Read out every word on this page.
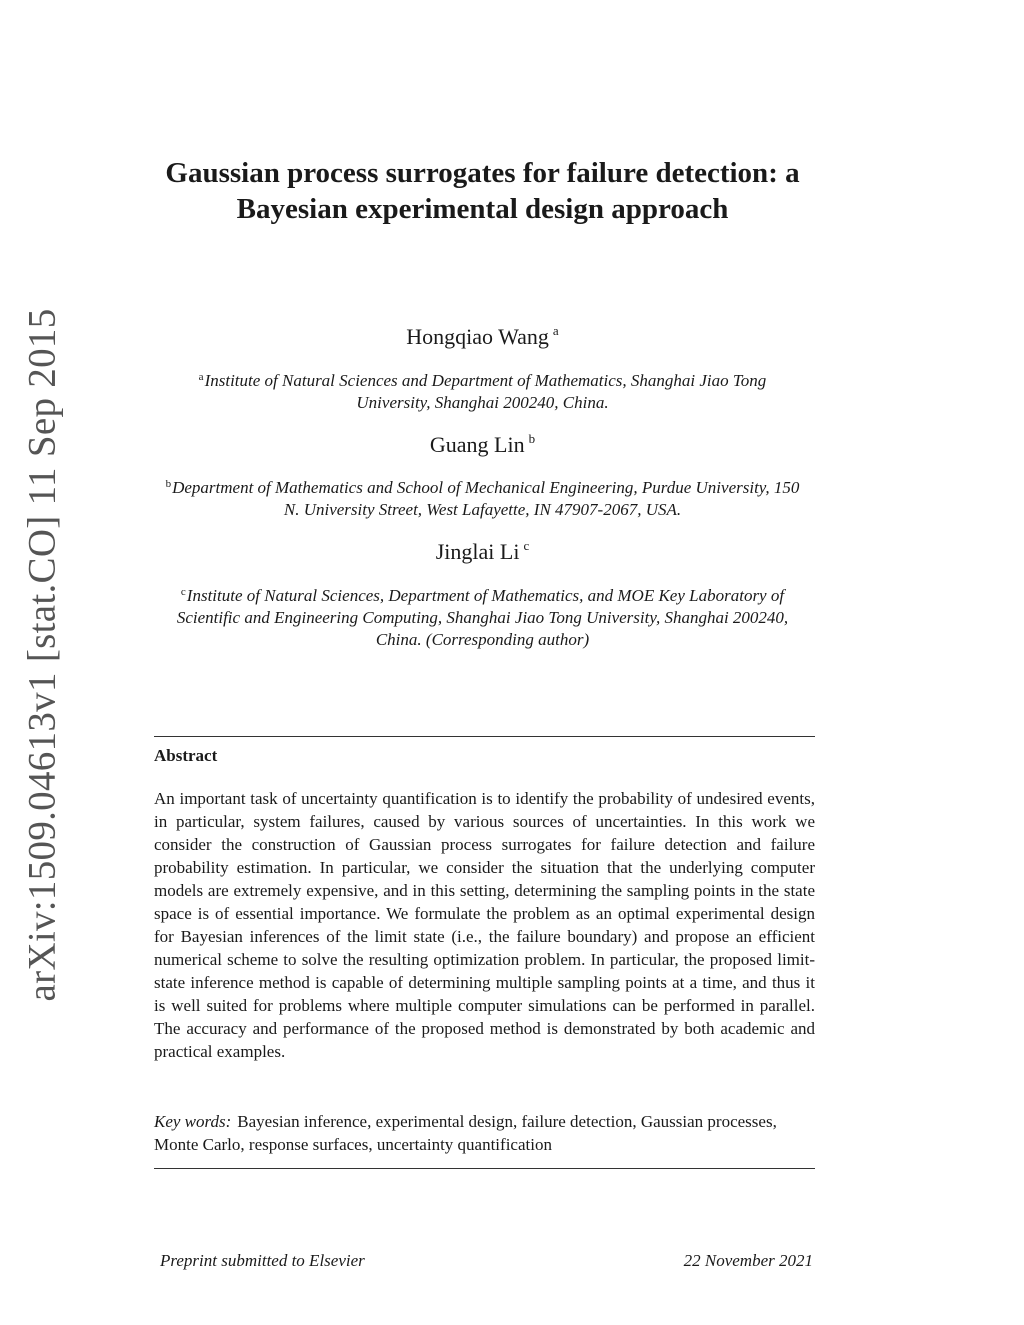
arXiv:1509.04613v1 [stat.CO] 11 Sep 2015
Gaussian process surrogates for failure detection: a Bayesian experimental design approach

Hongqiao Wang $^a$

$^a$Institute of Natural Sciences and Department of Mathematics, Shanghai Jiao Tong University, Shanghai 200240, China.

Guang Lin $^b$

$^b$Department of Mathematics and School of Mechanical Engineering, Purdue University, 150 N. University Street, West Lafayette, IN 47907-2067, USA.

Jinglai Li $^c$

$^c$Institute of Natural Sciences, Department of Mathematics, and MOE Key Laboratory of Scientific and Engineering Computing, Shanghai Jiao Tong University, Shanghai 200240, China. (Corresponding author)

Abstract

An important task of uncertainty quantification is to identify the probability of undesired events, in particular, system failures, caused by various sources of uncertainties. In this work we consider the construction of Gaussian process surrogates for failure detection and failure probability estimation. In particular, we consider the situation that the underlying computer models are extremely expensive, and in this setting, determining the sampling points in the state space is of essential importance. We formulate the problem as an optimal experimental design for Bayesian inferences of the limit state (i.e., the failure boundary) and propose an efficient numerical scheme to solve the resulting optimization problem. In particular, the proposed limit-state inference method is capable of determining multiple sampling points at a time, and thus it is well suited for problems where multiple computer simulations can be performed in parallel. The accuracy and performance of the proposed method is demonstrated by both academic and practical examples.

Key words: Bayesian inference, experimental design, failure detection, Gaussian processes, Monte Carlo, response surfaces, uncertainty quantification

Preprint submitted to Elsevier	22 November 2021
